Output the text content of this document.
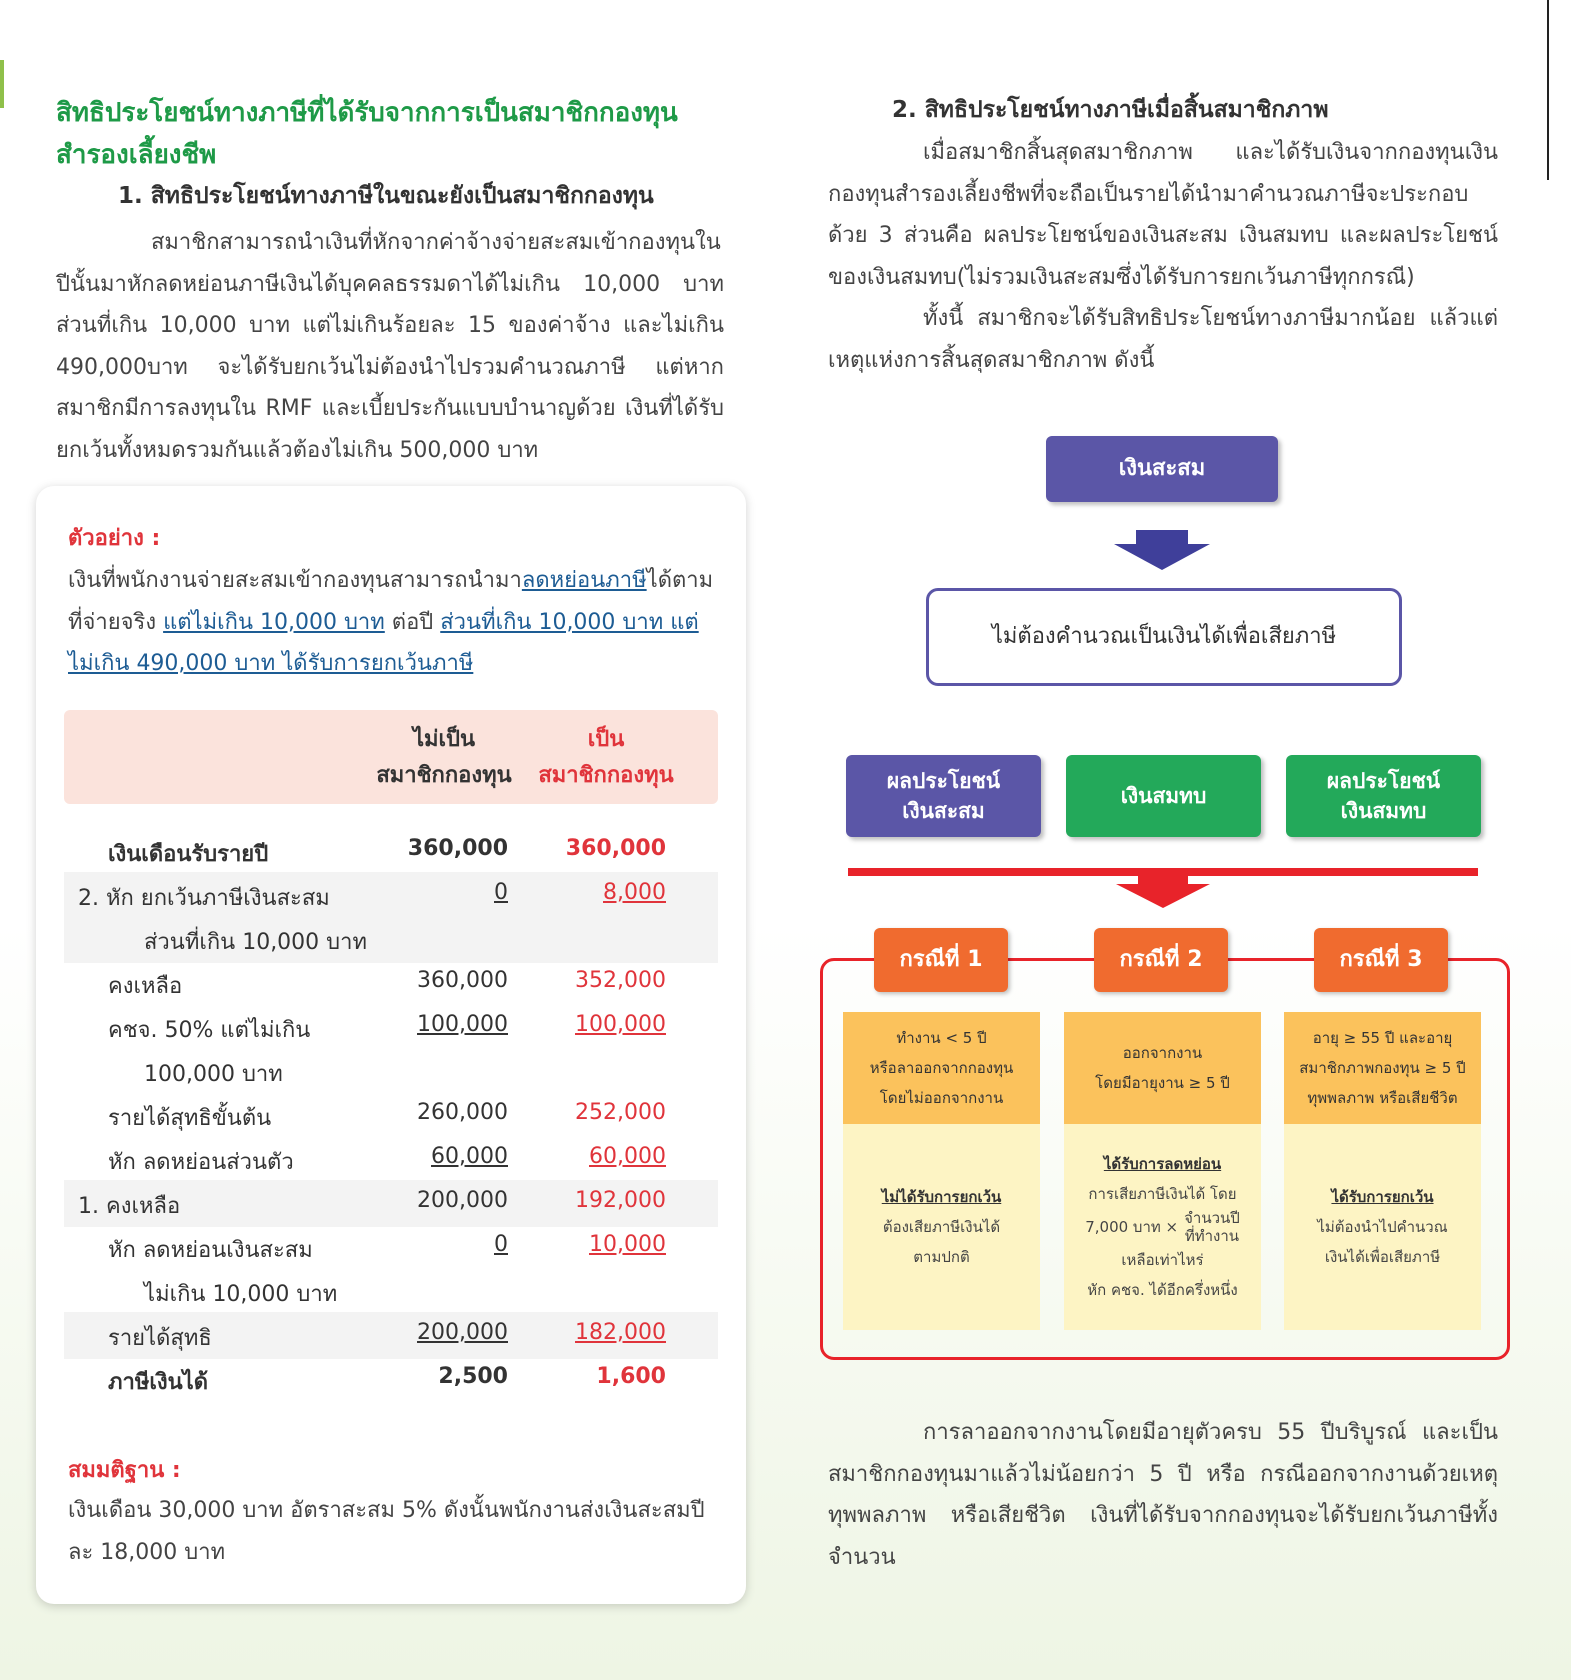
สิทธิประโยชน์ทางภาษีที่ได้รับจากการเป็นสมาชิกกองทุนสำรองเลี้ยงชีพ
1. สิทธิประโยชน์ทางภาษีในขณะยังเป็นสมาชิกกองทุน
สมาชิกสามารถนำเงินที่หักจากค่าจ้างจ่ายสะสมเข้ากองทุนในปีนั้นมาหักลดหย่อนภาษีเงินได้บุคคลธรรมดาได้ไม่เกิน 10,000 บาท ส่วนที่เกิน 10,000 บาท แต่ไม่เกินร้อยละ 15 ของค่าจ้าง และไม่เกิน 490,000บาท จะได้รับยกเว้นไม่ต้องนำไปรวมคำนวณภาษี แต่หากสมาชิกมีการลงทุนใน RMF และเบี้ยประกันแบบบำนาญด้วย เงินที่ได้รับยกเว้นทั้งหมดรวมกันแล้วต้องไม่เกิน 500,000 บาท
ตัวอย่าง :
เงินที่พนักงานจ่ายสะสมเข้ากองทุนสามารถนำมาลดหย่อนภาษีได้ตามที่จ่ายจริง แต่ไม่เกิน 10,000 บาท ต่อปี ส่วนที่เกิน 10,000 บาท แต่ไม่เกิน 490,000 บาท ได้รับการยกเว้นภาษี
ไม่เป็น
สมาชิกกองทุน
เป็น
สมาชิกกองทุน
เงินเดือนรับรายปี	360,000	360,000
2. หัก ยกเว้นภาษีเงินสะสม	0	8,000
ส่วนที่เกิน 10,000 บาท
คงเหลือ	360,000	352,000
คชจ. 50% แต่ไม่เกิน	100,000	100,000
100,000 บาท
รายได้สุทธิขั้นต้น	260,000	252,000
หัก ลดหย่อนส่วนตัว	60,000	60,000
1. คงเหลือ	200,000	192,000
หัก ลดหย่อนเงินสะสม	0	10,000
ไม่เกิน 10,000 บาท
รายได้สุทธิ	200,000	182,000
ภาษีเงินได้	2,500	1,600
สมมติฐาน :
เงินเดือน 30,000 บาท อัตราสะสม 5% ดังนั้นพนักงานส่งเงินสะสมปีละ 18,000 บาท
2. สิทธิประโยชน์ทางภาษีเมื่อสิ้นสมาชิกภาพ
เมื่อสมาชิกสิ้นสุดสมาชิกภาพ และได้รับเงินจากกองทุนเงินกองทุนสำรองเลี้ยงชีพที่จะถือเป็นรายได้นำมาคำนวณภาษีจะประกอบด้วย 3 ส่วนคือ ผลประโยชน์ของเงินสะสม เงินสมทบ และผลประโยชน์ของเงินสมทบ(ไม่รวมเงินสะสมซึ่งได้รับการยกเว้นภาษีทุกกรณี)
ทั้งนี้ สมาชิกจะได้รับสิทธิประโยชน์ทางภาษีมากน้อย แล้วแต่เหตุแห่งการสิ้นสุดสมาชิกภาพ ดังนี้
เงินสะสม
ไม่ต้องคำนวณเป็นเงินได้เพื่อเสียภาษี
ผลประโยชน์
เงินสะสม
เงินสมทบ
ผลประโยชน์
เงินสมทบ
กรณีที่ 1	กรณีที่ 2	กรณีที่ 3
ทำงาน < 5 ปี
หรือลาออกจากกองทุน
โดยไม่ออกจากงาน
ไม่ได้รับการยกเว้น
ต้องเสียภาษีเงินได้
ตามปกติ
ออกจากงาน
โดยมีอายุงาน ≥ 5 ปี
ได้รับการลดหย่อน
การเสียภาษีเงินได้ โดย
7,000 บาท × จำนวนปี
ที่ทำงาน
เหลือเท่าไหร่
หัก คชจ. ได้อีกครึ่งหนึ่ง
อายุ ≥ 55 ปี และอายุ
สมาชิกภาพกองทุน ≥ 5 ปี
ทุพพลภาพ หรือเสียชีวิต
ได้รับการยกเว้น
ไม่ต้องนำไปคำนวณ
เงินได้เพื่อเสียภาษี
การลาออกจากงานโดยมีอายุตัวครบ 55 ปีบริบูรณ์ และเป็นสมาชิกกองทุนมาแล้วไม่น้อยกว่า 5 ปี หรือ กรณีออกจากงานด้วยเหตุทุพพลภาพ หรือเสียชีวิต เงินที่ได้รับจากกองทุนจะได้รับยกเว้นภาษีทั้งจำนวน
